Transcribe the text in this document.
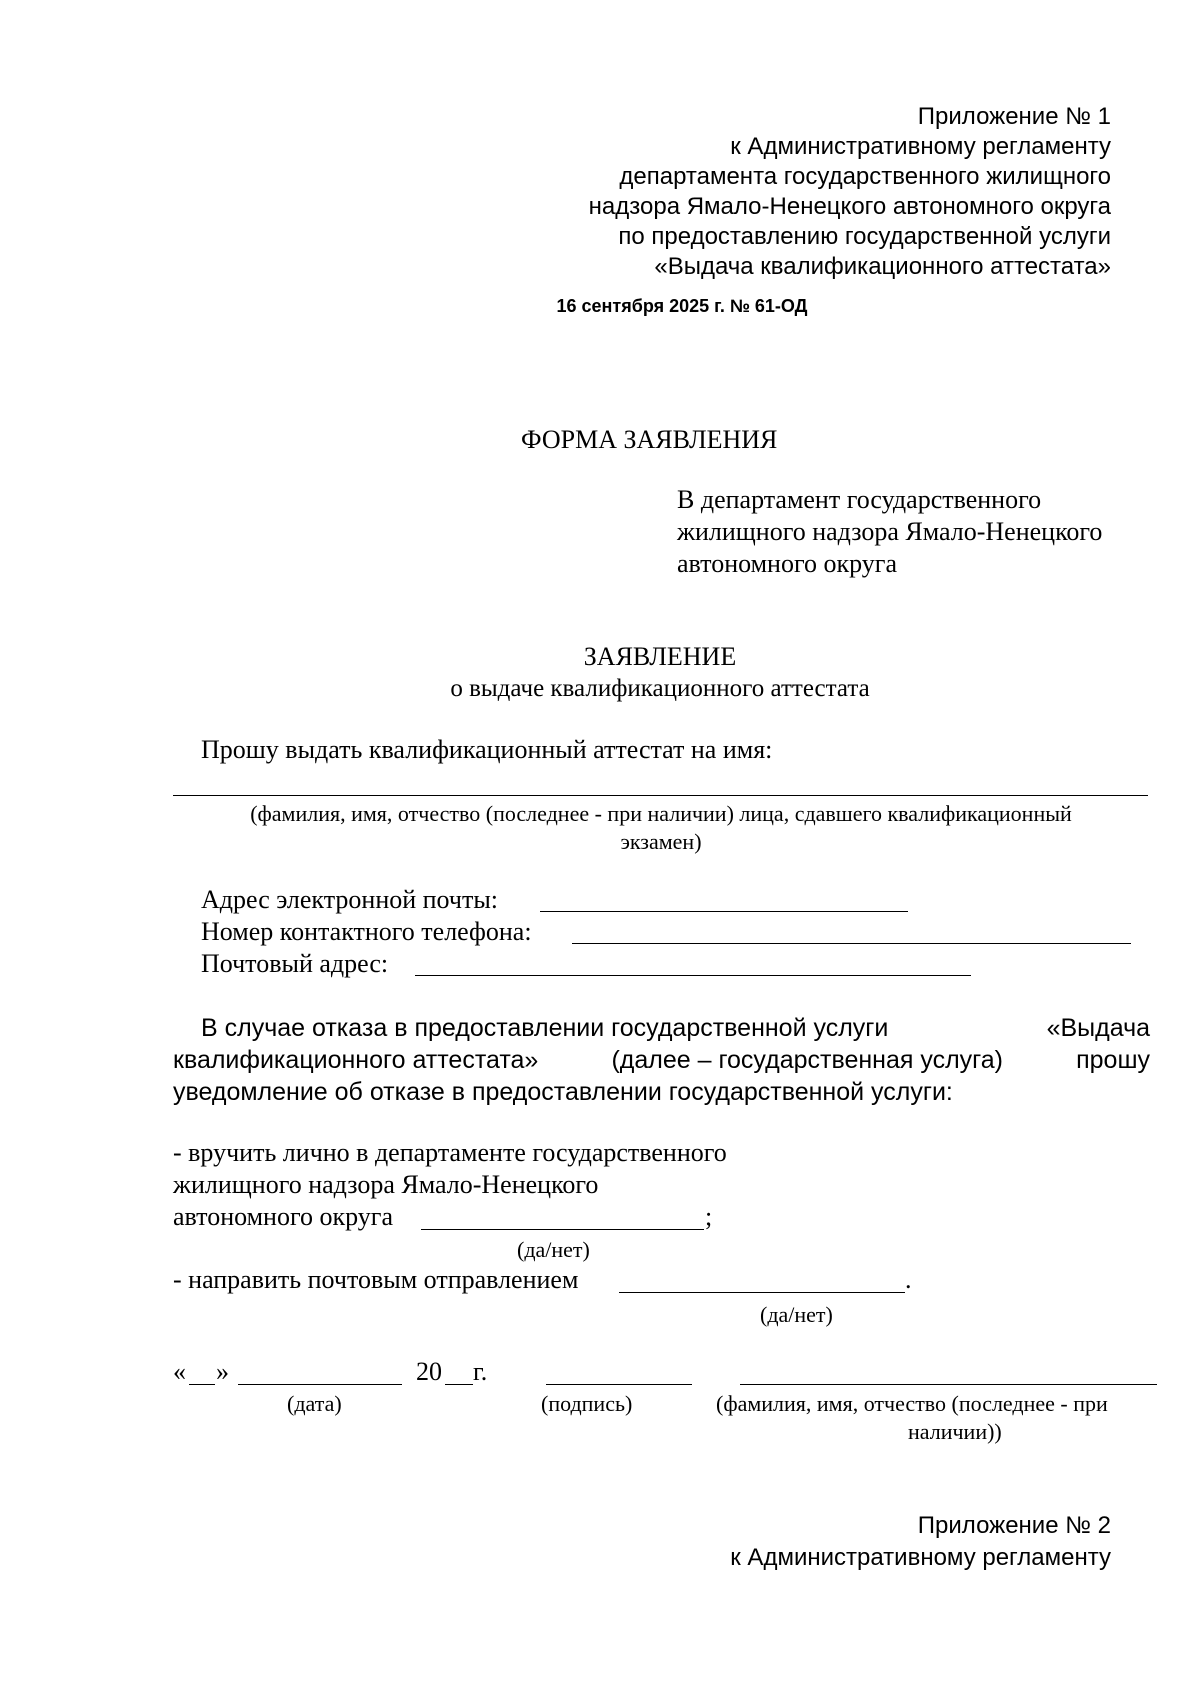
Приложение № 1
к Административному регламенту
департамента государственного жилищного
надзора Ямало-Ненецкого автономного округа
по предоставлению государственной услуги
«Выдача квалификационного аттестата»
16 сентября 2025 г. № 61-ОД
ФОРМА ЗАЯВЛЕНИЯ
В департамент государственного
жилищного надзора Ямало-Ненецкого
автономного округа
ЗАЯВЛЕНИЕ
о выдаче квалификационного аттестата
Прошу выдать квалификационный аттестат на имя:
(фамилия, имя, отчество (последнее - при наличии) лица, сдавшего квалификационный
экзамен)
Адрес электронной почты:
Номер контактного телефона:
Почтовый адрес:
В случае отказа в предоставлении государственной услуги	«Выдача
квалификационного аттестата»	(далее – государственная услуга)	прошу
уведомление об отказе в предоставлении государственной услуги:
- вручить лично в департаменте государственного
жилищного надзора Ямало-Ненецкого
автономного округа	;
(да/нет)
- направить почтовым отправлением	.
(да/нет)
« »	20 г.
(дата)	(подпись)	(фамилия, имя, отчество (последнее - при
наличии))
Приложение № 2
к Административному регламенту
